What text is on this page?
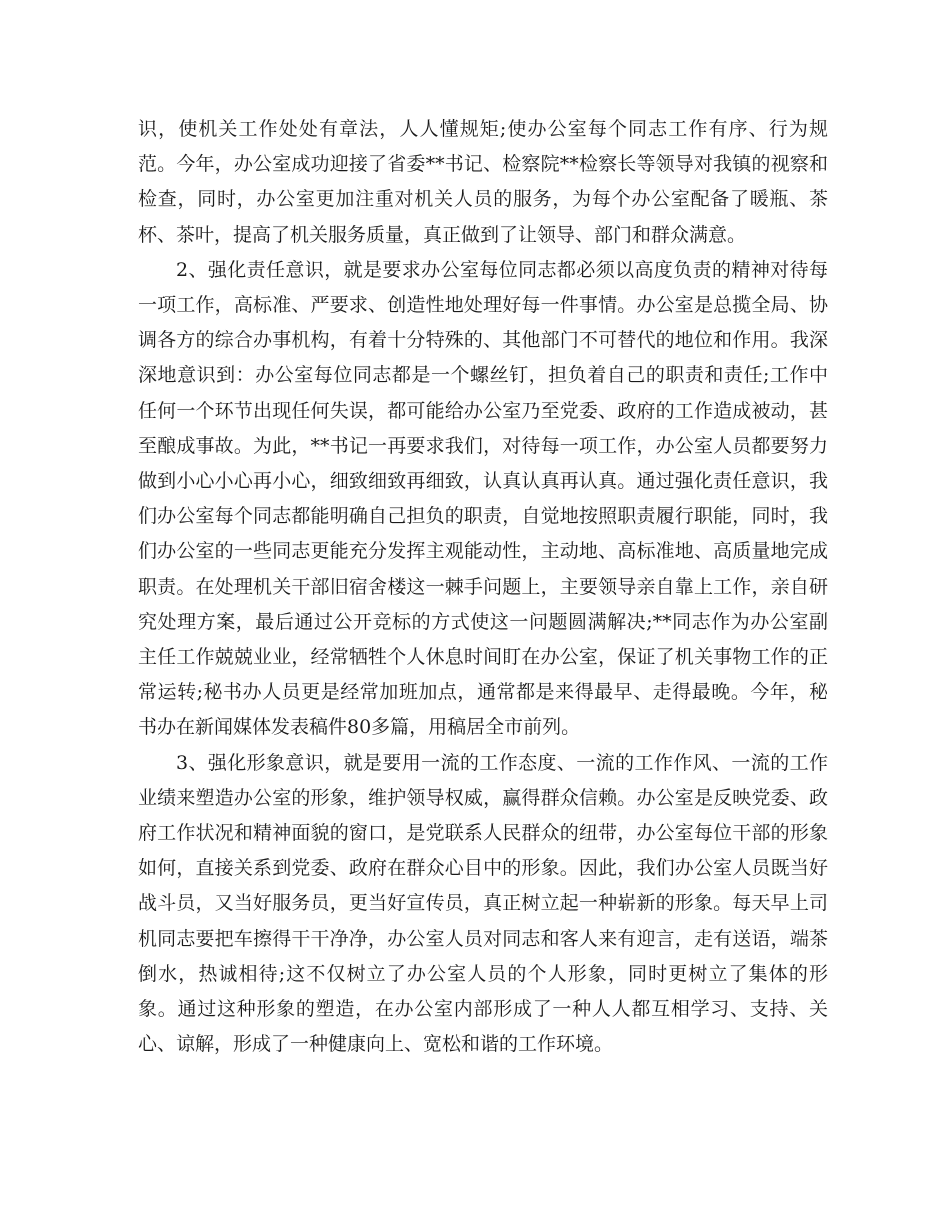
识，使机关工作处处有章法，人人懂规矩;使办公室每个同志工作有序、行为规范。今年，办公室成功迎接了省委**书记、检察院**检察长等领导对我镇的视察和检查，同时，办公室更加注重对机关人员的服务，为每个办公室配备了暖瓶、茶杯、茶叶，提高了机关服务质量，真正做到了让领导、部门和群众满意。

2、强化责任意识，就是要求办公室每位同志都必须以高度负责的精神对待每一项工作，高标准、严要求、创造性地处理好每一件事情。办公室是总揽全局、协调各方的综合办事机构，有着十分特殊的、其他部门不可替代的地位和作用。我深深地意识到：办公室每位同志都是一个螺丝钉，担负着自己的职责和责任;工作中任何一个环节出现任何失误，都可能给办公室乃至党委、政府的工作造成被动，甚至酿成事故。为此，**书记一再要求我们，对待每一项工作，办公室人员都要努力做到小心小心再小心，细致细致再细致，认真认真再认真。通过强化责任意识，我们办公室每个同志都能明确自己担负的职责，自觉地按照职责履行职能，同时，我们办公室的一些同志更能充分发挥主观能动性，主动地、高标准地、高质量地完成职责。在处理机关干部旧宿舍楼这一棘手问题上，主要领导亲自靠上工作，亲自研究处理方案，最后通过公开竞标的方式使这一问题圆满解决;**同志作为办公室副主任工作兢兢业业，经常牺牲个人休息时间盯在办公室，保证了机关事物工作的正常运转;秘书办人员更是经常加班加点，通常都是来得最早、走得最晚。今年，秘书办在新闻媒体发表稿件80多篇，用稿居全市前列。

3、强化形象意识，就是要用一流的工作态度、一流的工作作风、一流的工作业绩来塑造办公室的形象，维护领导权威，赢得群众信赖。办公室是反映党委、政府工作状况和精神面貌的窗口，是党联系人民群众的纽带，办公室每位干部的形象如何，直接关系到党委、政府在群众心目中的形象。因此，我们办公室人员既当好战斗员，又当好服务员，更当好宣传员，真正树立起一种崭新的形象。每天早上司机同志要把车擦得干干净净，办公室人员对同志和客人来有迎言，走有送语，端茶倒水，热诚相待;这不仅树立了办公室人员的个人形象，同时更树立了集体的形象。通过这种形象的塑造，在办公室内部形成了一种人人都互相学习、支持、关心、谅解，形成了一种健康向上、宽松和谐的工作环境。
